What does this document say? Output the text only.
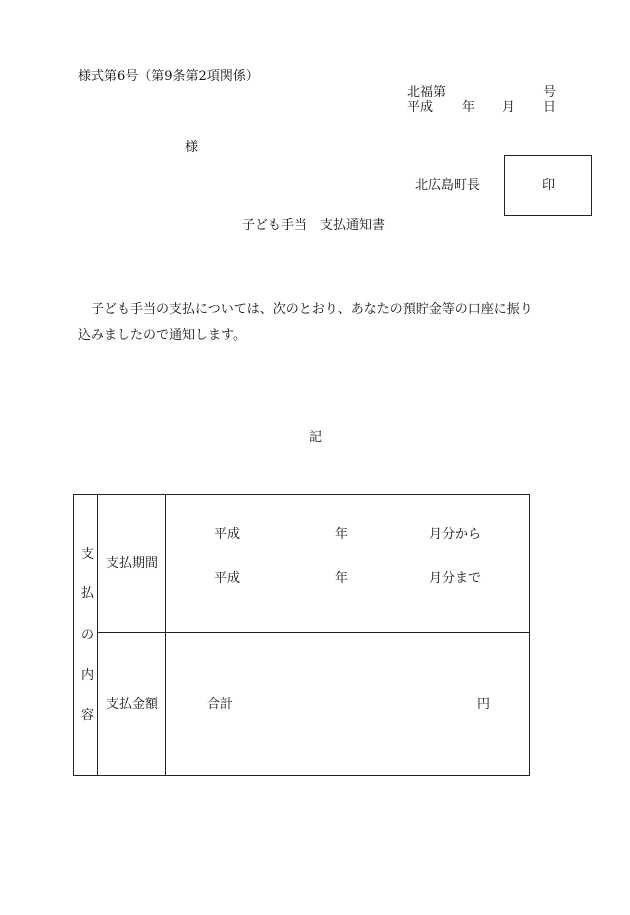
様式第6号（第9条第2項関係）
北福第	号
平成 年 月 日
様
北広島町長	印
子ども手当　支払通知書
子ども手当の支払については、次のとおり、あなたの預貯金等の口座に振り
込みましたので通知します。
記
支
払
の
内
容
支払期間
平成	年	月分から
平成	年	月分まで
支払金額	合計	円
